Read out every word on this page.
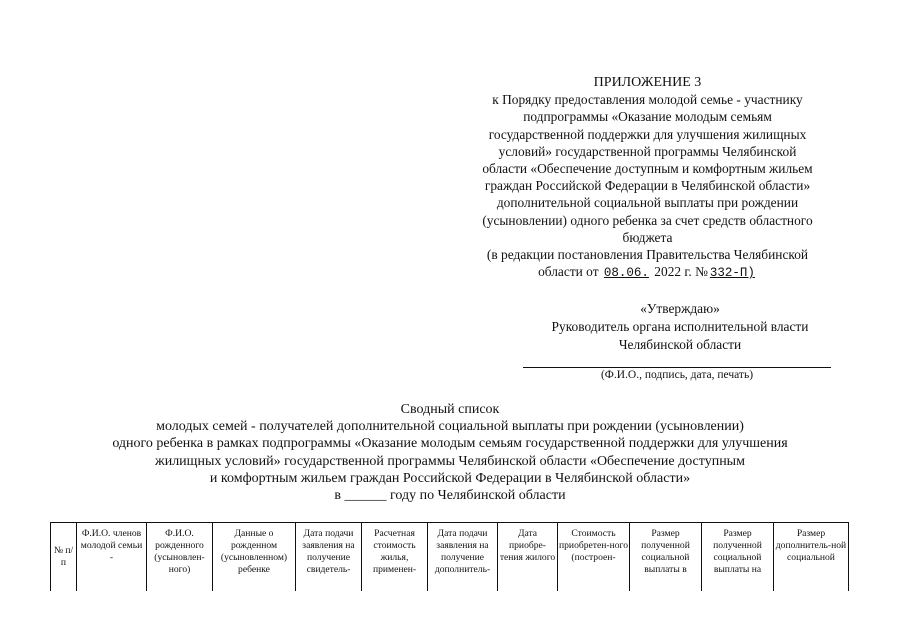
ПРИЛОЖЕНИЕ 3
к Порядку предоставления молодой семье - участнику
подпрограммы «Оказание молодым семьям
государственной поддержки для улучшения жилищных
условий» государственной программы Челябинской
области «Обеспечение доступным и комфортным жильем
граждан Российской Федерации в Челябинской области»
дополнительной социальной выплаты при рождении
(усыновлении) одного ребенка за счет средств областного
бюджета
(в редакции постановления Правительства Челябинской
области от 08.06. 2022 г. № 332-П)
«Утверждаю»
Руководитель органа исполнительной власти
Челябинской области
(Ф.И.О., подпись, дата, печать)
Сводный список
молодых семей - получателей дополнительной социальной выплаты при рождении (усыновлении)
одного ребенка в рамках подпрограммы «Оказание молодым семьям государственной поддержки для улучшения
жилищных условий» государственной программы Челябинской области «Обеспечение доступным
и комфортным жильем граждан Российской Федерации в Челябинской области»
в ______ году по Челябинской области
№ п/п	Ф.И.О. членов молодой семьи -	Ф.И.О. рожденного (усыновлен-ного)	Данные о рожденном (усыновленном) ребенке	Дата подачи заявления на получение свидетель-	Расчетная стоимость жилья, применен-	Дата подачи заявления на получение дополнитель-	Дата приобре-тения жилого	Стоимость приобретен-ного (построен-	Размер полученной социальной выплаты в	Размер полученной социальной выплаты на	Размер дополнитель-ной социальной
